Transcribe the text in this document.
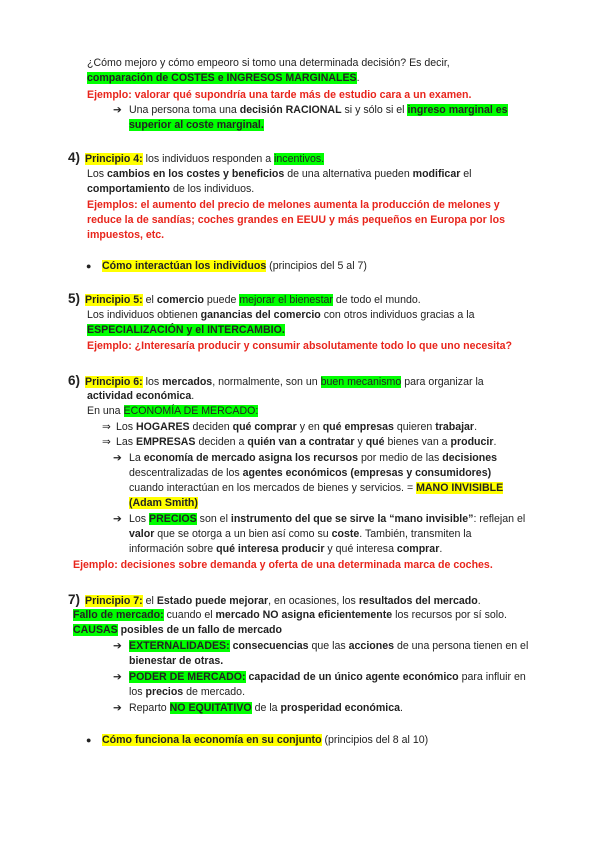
¿Cómo mejoro y cómo empeoro si tomo una determinada decisión? Es decir,
comparación de COSTES e INGRESOS MARGINALES.
Ejemplo: valorar qué supondría una tarde más de estudio cara a un examen.
➔ Una persona toma una decisión RACIONAL si y sólo si el ingreso marginal es
superior al coste marginal.
4) Principio 4: los individuos responden a incentivos.
Los cambios en los costes y beneficios de una alternativa pueden modificar el
comportamiento de los individuos.
Ejemplos: el aumento del precio de melones aumenta la producción de melones y
reduce la de sandías; coches grandes en EEUU y más pequeños en Europa por los
impuestos, etc.
● Cómo interactúan los individuos (principios del 5 al 7)
5) Principio 5: el comercio puede mejorar el bienestar de todo el mundo.
Los individuos obtienen ganancias del comercio con otros individuos gracias a la
ESPECIALIZACIÓN y el INTERCAMBIO.
Ejemplo: ¿Interesaría producir y consumir absolutamente todo lo que uno necesita?
6) Principio 6: los mercados, normalmente, son un buen mecanismo para organizar la
actividad económica.
En una ECONOMÍA DE MERCADO:
⇒ Los HOGARES deciden qué comprar y en qué empresas quieren trabajar.
⇒ Las EMPRESAS deciden a quién van a contratar y qué bienes van a producir.
➔ La economía de mercado asigna los recursos por medio de las decisiones
descentralizadas de los agentes económicos (empresas y consumidores)
cuando interactúan en los mercados de bienes y servicios. = MANO INVISIBLE
(Adam Smith)
➔ Los PRECIOS son el instrumento del que se sirve la “mano invisible”: reflejan el
valor que se otorga a un bien así como su coste. También, transmiten la
información sobre qué interesa producir y qué interesa comprar.
Ejemplo: decisiones sobre demanda y oferta de una determinada marca de coches.
7) Principio 7: el Estado puede mejorar, en ocasiones, los resultados del mercado.
Fallo de mercado: cuando el mercado NO asigna eficientemente los recursos por sí solo.
CAUSAS posibles de un fallo de mercado
➔ EXTERNALIDADES: consecuencias que las acciones de una persona tienen en el
bienestar de otras.
➔ PODER DE MERCADO: capacidad de un único agente económico para influir en
los precios de mercado.
➔ Reparto NO EQUITATIVO de la prosperidad económica.
● Cómo funciona la economía en su conjunto (principios del 8 al 10)
